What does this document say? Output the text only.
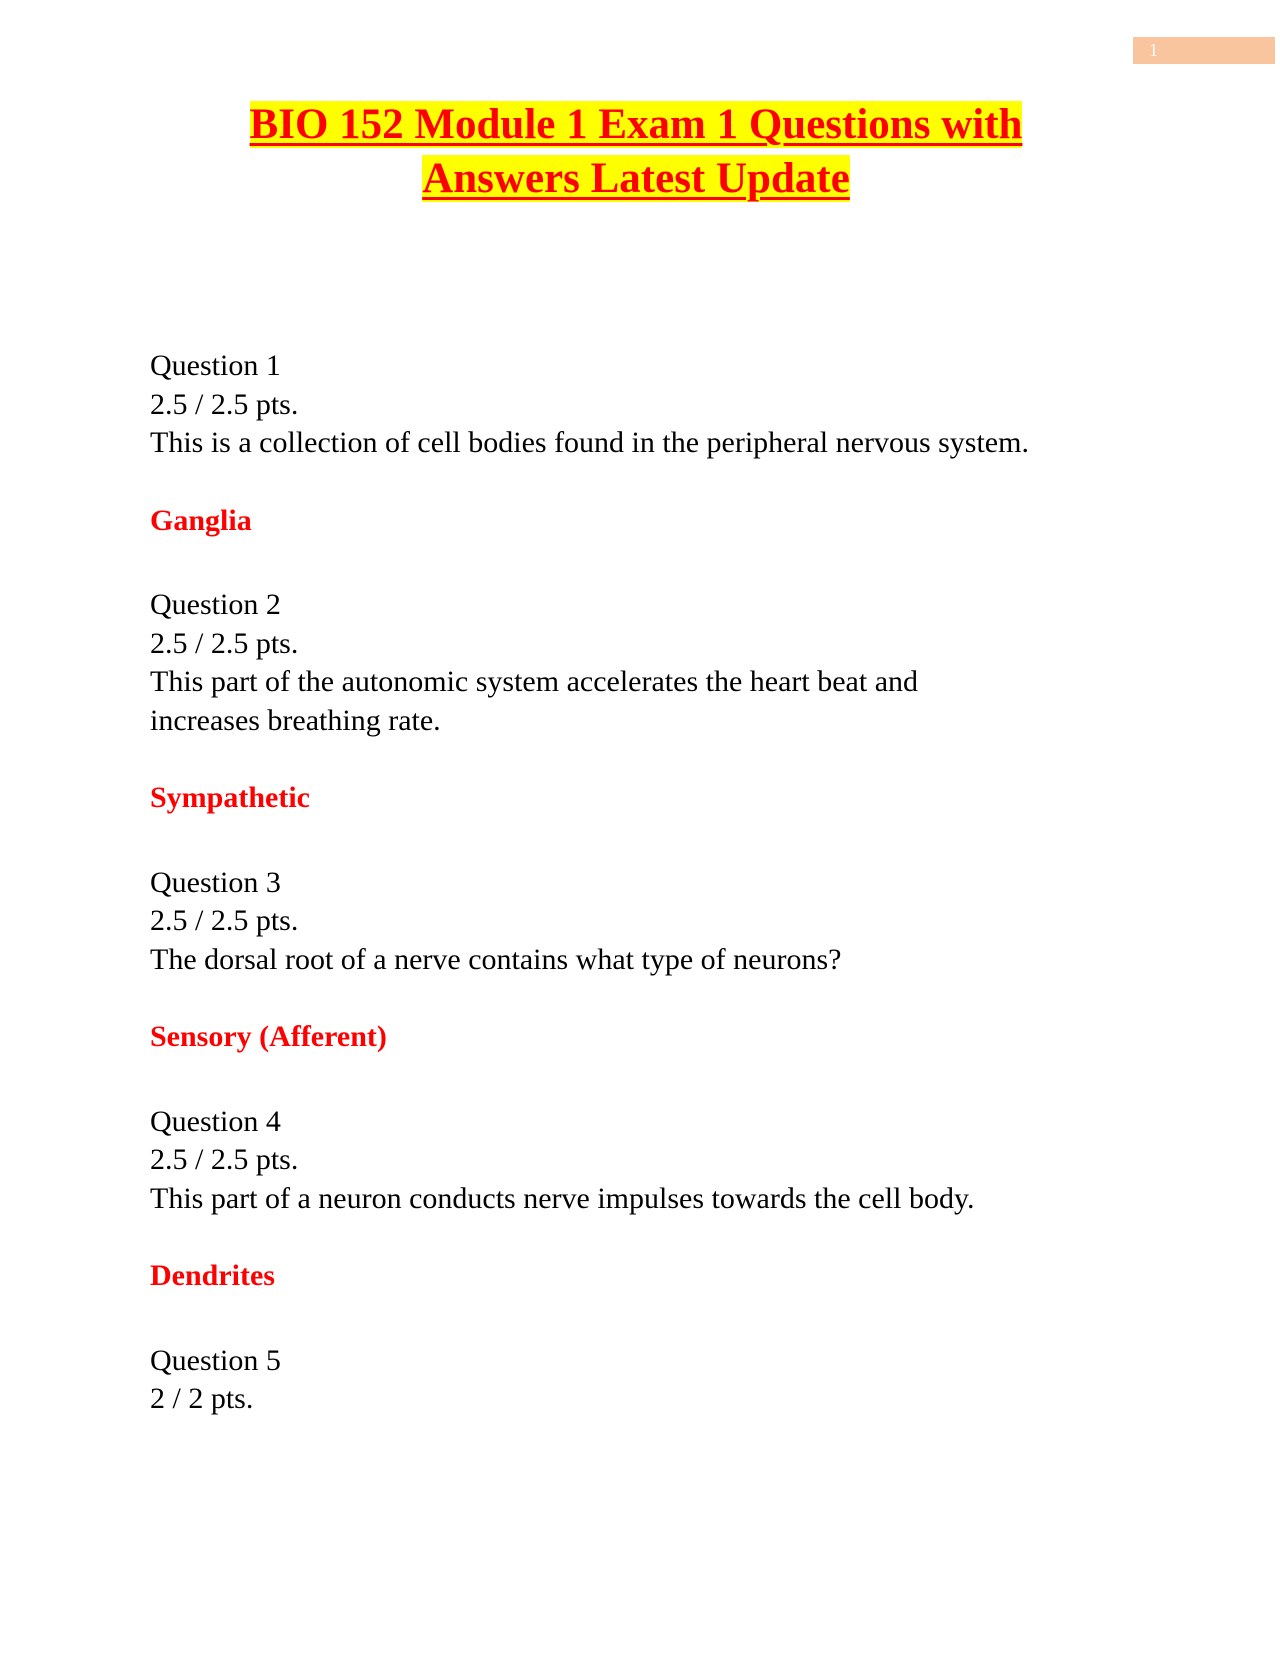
1
BIO 152 Module 1 Exam 1 Questions with
Answers Latest Update
Question 1
2.5 / 2.5 pts.
This is a collection of cell bodies found in the peripheral nervous system.
Ganglia
Question 2
2.5 / 2.5 pts.
This part of the autonomic system accelerates the heart beat and increases breathing rate.
Sympathetic
Question 3
2.5 / 2.5 pts.
The dorsal root of a nerve contains what type of neurons?
Sensory (Afferent)
Question 4
2.5 / 2.5 pts.
This part of a neuron conducts nerve impulses towards the cell body.
Dendrites
Question 5
2 / 2 pts.
